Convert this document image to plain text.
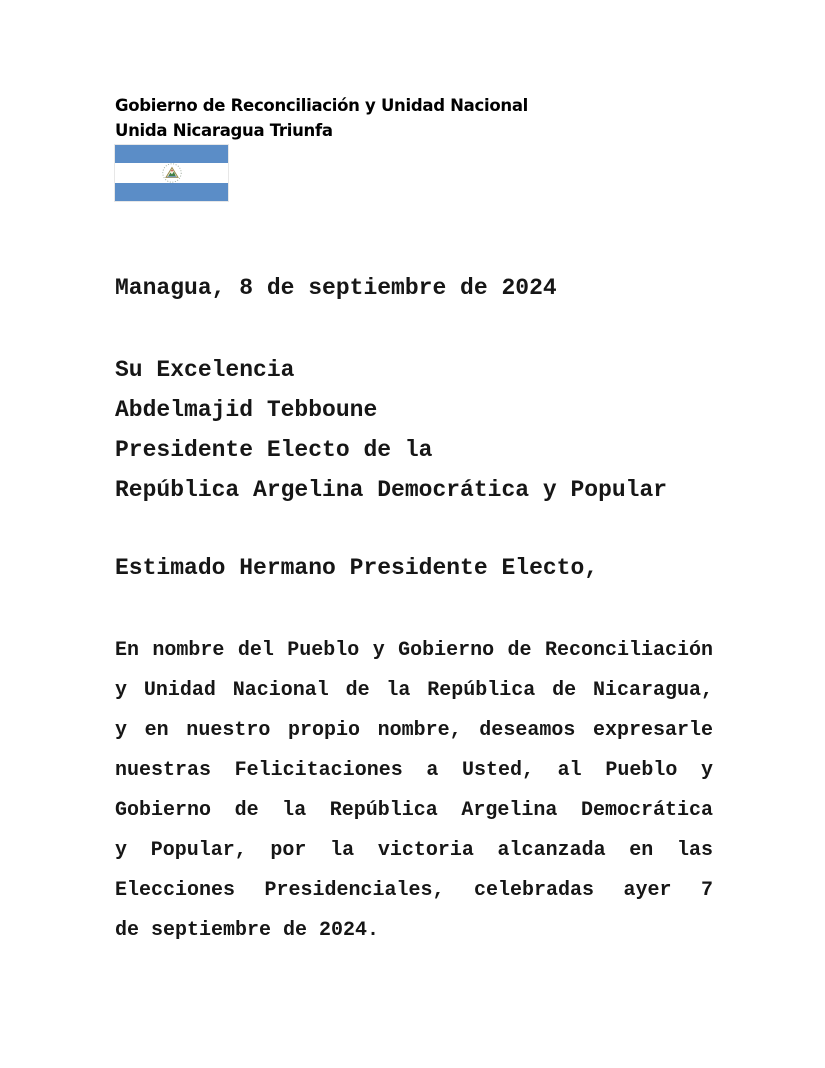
Gobierno de Reconciliación y Unidad Nacional
Unida Nicaragua Triunfa
Managua, 8 de septiembre de 2024
Su Excelencia
Abdelmajid Tebboune
Presidente Electo de la
República Argelina Democrática y Popular
Estimado Hermano Presidente Electo,
En nombre del Pueblo y Gobierno de Reconciliación
y Unidad Nacional de la República de Nicaragua,
y en nuestro propio nombre, deseamos expresarle
nuestras Felicitaciones a Usted, al Pueblo y
Gobierno de la República Argelina Democrática
y Popular, por la victoria alcanzada en las
Elecciones Presidenciales, celebradas ayer 7
de septiembre de 2024.
